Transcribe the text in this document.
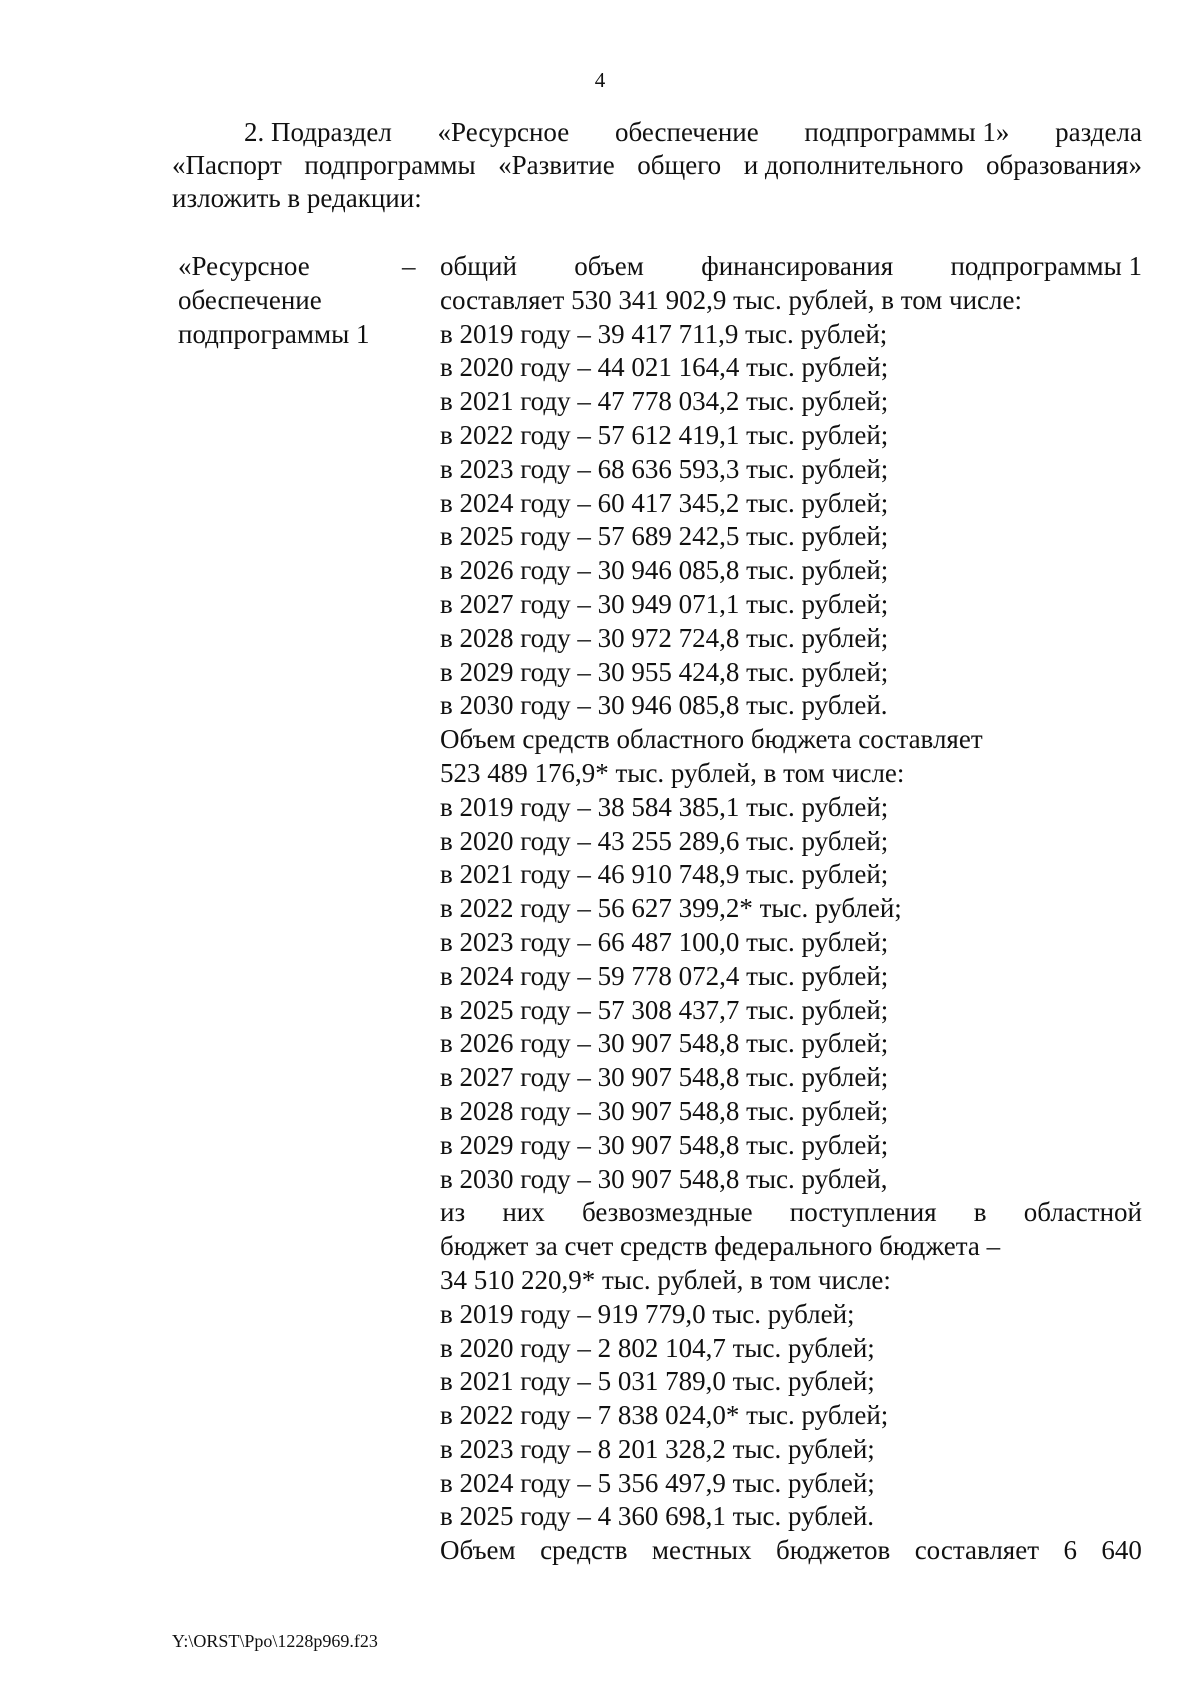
4
2. Подраздел «Ресурсное обеспечение подпрограммы 1» раздела
«Паспорт подпрограммы «Развитие общего и дополнительного образования»
изложить в редакции:
«Ресурсное
обеспечение
подпрограммы 1
– общий объем финансирования подпрограммы 1
составляет 530 341 902,9 тыс. рублей, в том числе:
в 2019 году – 39 417 711,9 тыс. рублей;
в 2020 году – 44 021 164,4 тыс. рублей;
в 2021 году – 47 778 034,2 тыс. рублей;
в 2022 году – 57 612 419,1 тыс. рублей;
в 2023 году – 68 636 593,3 тыс. рублей;
в 2024 году – 60 417 345,2 тыс. рублей;
в 2025 году – 57 689 242,5 тыс. рублей;
в 2026 году – 30 946 085,8 тыс. рублей;
в 2027 году – 30 949 071,1 тыс. рублей;
в 2028 году – 30 972 724,8 тыс. рублей;
в 2029 году – 30 955 424,8 тыс. рублей;
в 2030 году – 30 946 085,8 тыс. рублей.
Объем средств областного бюджета составляет
523 489 176,9* тыс. рублей, в том числе:
в 2019 году – 38 584 385,1 тыс. рублей;
в 2020 году – 43 255 289,6 тыс. рублей;
в 2021 году – 46 910 748,9 тыс. рублей;
в 2022 году – 56 627 399,2* тыс. рублей;
в 2023 году – 66 487 100,0 тыс. рублей;
в 2024 году – 59 778 072,4 тыс. рублей;
в 2025 году – 57 308 437,7 тыс. рублей;
в 2026 году – 30 907 548,8 тыс. рублей;
в 2027 году – 30 907 548,8 тыс. рублей;
в 2028 году – 30 907 548,8 тыс. рублей;
в 2029 году – 30 907 548,8 тыс. рублей;
в 2030 году – 30 907 548,8 тыс. рублей,
из них безвозмездные поступления в областной
бюджет за счет средств федерального бюджета –
34 510 220,9* тыс. рублей, в том числе:
в 2019 году – 919 779,0 тыс. рублей;
в 2020 году – 2 802 104,7 тыс. рублей;
в 2021 году – 5 031 789,0 тыс. рублей;
в 2022 году – 7 838 024,0* тыс. рублей;
в 2023 году – 8 201 328,2 тыс. рублей;
в 2024 году – 5 356 497,9 тыс. рублей;
в 2025 году – 4 360 698,1 тыс. рублей.
Объем средств местных бюджетов составляет 6 640
Y:\ORST\Ppo\1228p969.f23
